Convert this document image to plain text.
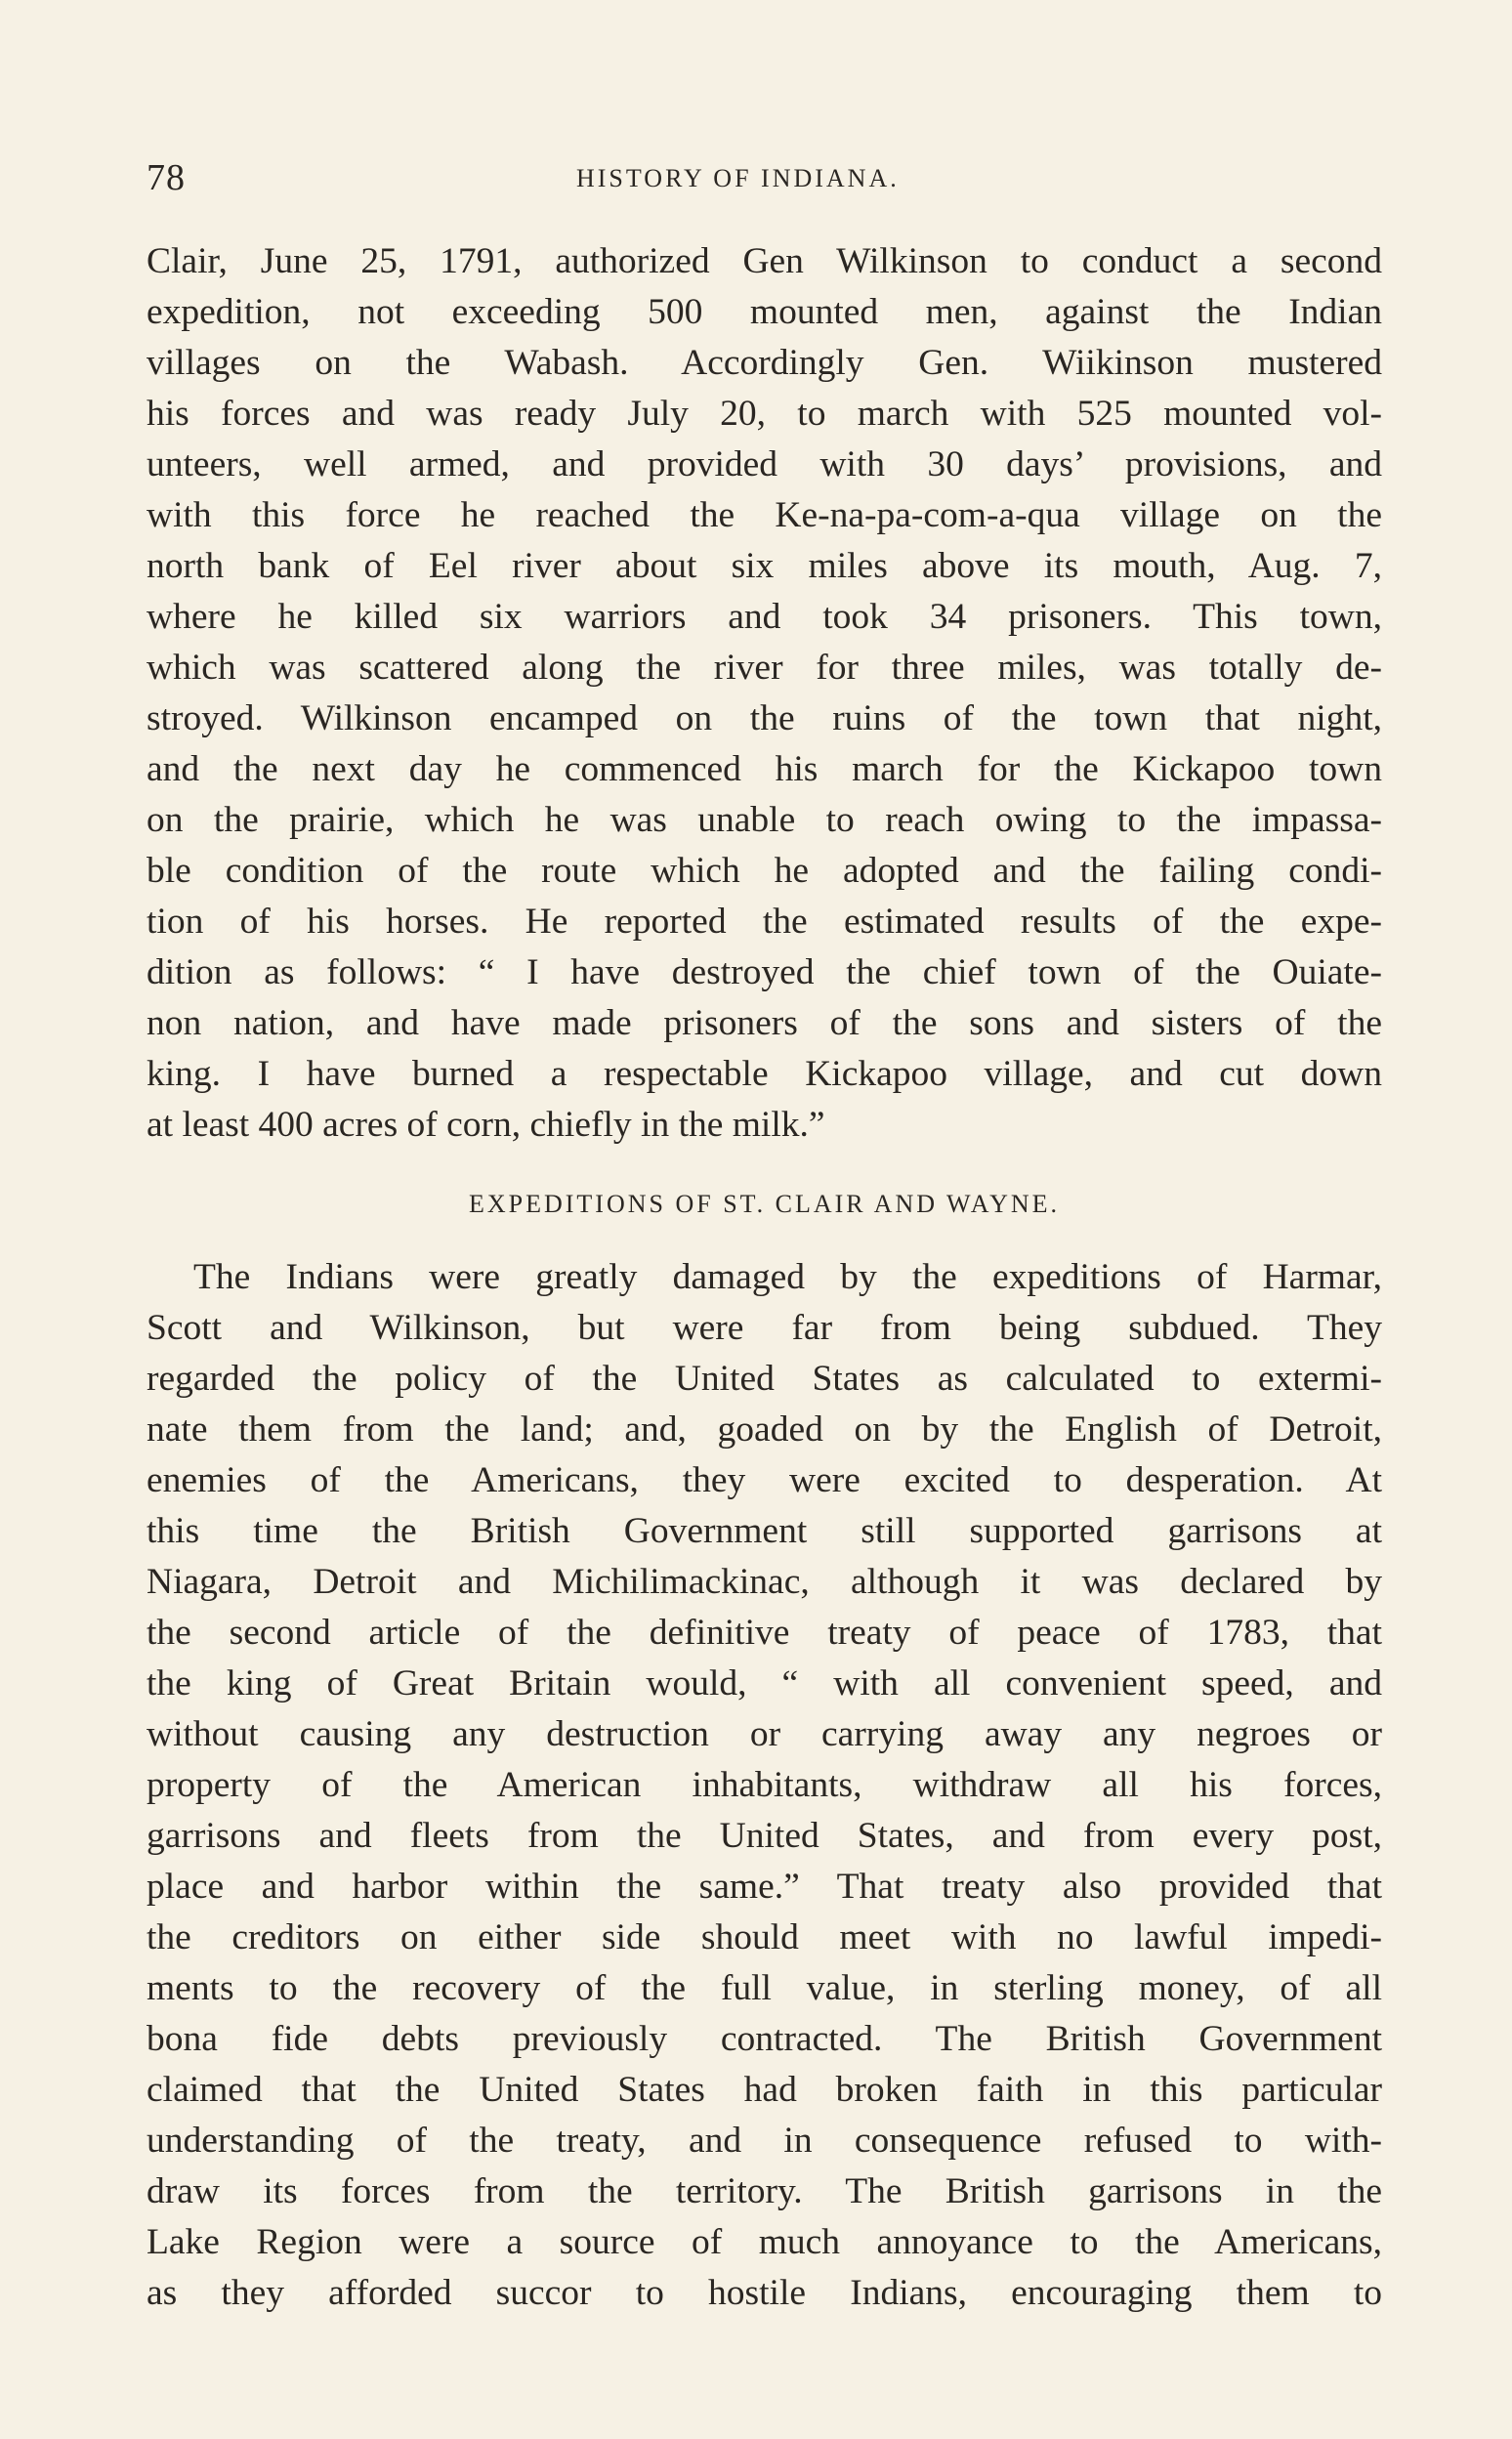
78	HISTORY OF INDIANA.
Clair, June 25, 1791, authorized Gen Wilkinson to conduct a second
expedition, not exceeding 500 mounted men, against the Indian
villages on the Wabash. Accordingly Gen. Wiikinson mustered
his forces and was ready July 20, to march with 525 mounted vol-
unteers, well armed, and provided with 30 days’ provisions, and
with this force he reached the Ke-na-pa-com-a-qua village on the
north bank of Eel river about six miles above its mouth, Aug. 7,
where he killed six warriors and took 34 prisoners. This town,
which was scattered along the river for three miles, was totally de-
stroyed. Wilkinson encamped on the ruins of the town that night,
and the next day he commenced his march for the Kickapoo town
on the prairie, which he was unable to reach owing to the impassa-
ble condition of the route which he adopted and the failing condi-
tion of his horses. He reported the estimated results of the expe-
dition as follows: “ I have destroyed the chief town of the Ouiate-
non nation, and have made prisoners of the sons and sisters of the
king. I have burned a respectable Kickapoo village, and cut down
at least 400 acres of corn, chiefly in the milk.”
EXPEDITIONS OF ST. CLAIR AND WAYNE.
The Indians were greatly damaged by the expeditions of Harmar,
Scott and Wilkinson, but were far from being subdued. They
regarded the policy of the United States as calculated to extermi-
nate them from the land; and, goaded on by the English of Detroit,
enemies of the Americans, they were excited to desperation. At
this time the British Government still supported garrisons at
Niagara, Detroit and Michilimackinac, although it was declared by
the second article of the definitive treaty of peace of 1783, that
the king of Great Britain would, “ with all convenient speed, and
without causing any destruction or carrying away any negroes or
property of the American inhabitants, withdraw all his forces,
garrisons and fleets from the United States, and from every post,
place and harbor within the same.” That treaty also provided that
the creditors on either side should meet with no lawful impedi-
ments to the recovery of the full value, in sterling money, of all
bona fide debts previously contracted. The British Government
claimed that the United States had broken faith in this particular
understanding of the treaty, and in consequence refused to with-
draw its forces from the territory. The British garrisons in the
Lake Region were a source of much annoyance to the Americans,
as they afforded succor to hostile Indians, encouraging them to
